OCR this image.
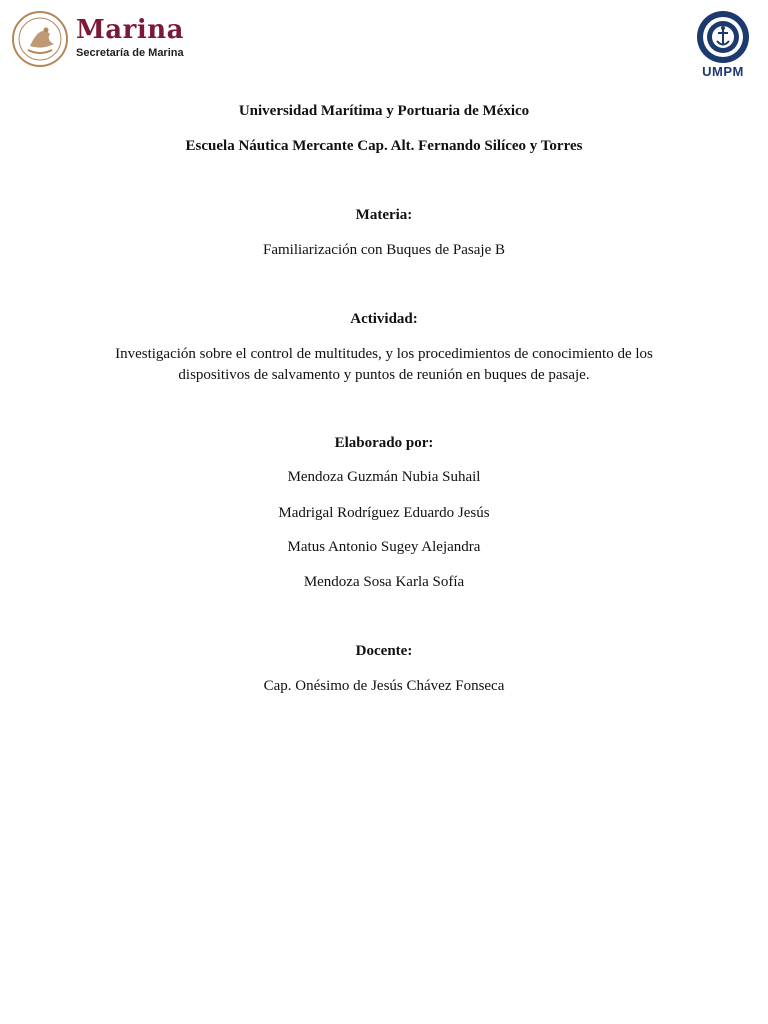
Marina
Secretaría de Marina
UMPM
Universidad Marítima y Portuaria de México
Escuela Náutica Mercante Cap. Alt. Fernando Silíceo y Torres
Materia:
Familiarización con Buques de Pasaje B
Actividad:
Investigación sobre el control de multitudes, y los procedimientos de conocimiento de los
dispositivos de salvamento y puntos de reunión en buques de pasaje.
Elaborado por:
Mendoza Guzmán Nubia Suhail
Madrigal Rodríguez Eduardo Jesús
Matus Antonio Sugey Alejandra
Mendoza Sosa Karla Sofía
Docente:
Cap. Onésimo de Jesús Chávez Fonseca
